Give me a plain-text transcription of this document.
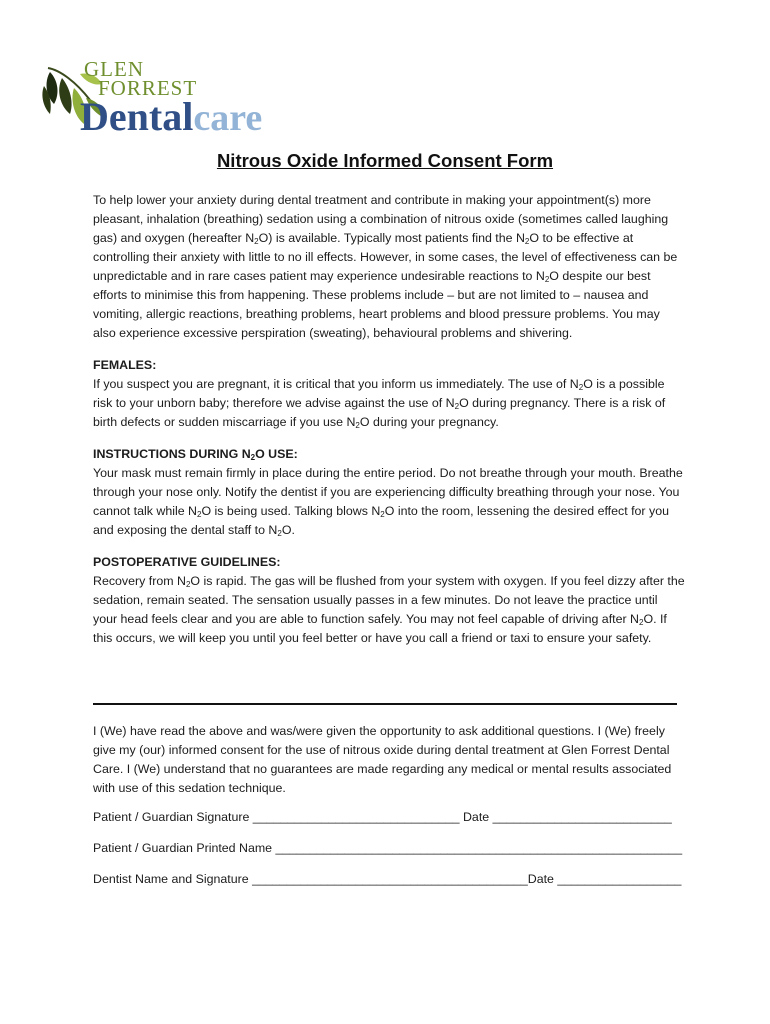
GLEN
FORREST
Dentalcare
Nitrous Oxide Informed Consent Form

To help lower your anxiety during dental treatment and contribute in making your appointment(s) more pleasant, inhalation (breathing) sedation using a combination of nitrous oxide (sometimes called laughing gas) and oxygen (hereafter $N_2O$) is available. Typically most patients find the $N_2O$ to be effective at controlling their anxiety with little to no ill effects. However, in some cases, the level of effectiveness can be unpredictable and in rare cases patient may experience undesirable reactions to $N_2O$ despite our best efforts to minimise this from happening. These problems include – but are not limited to – nausea and vomiting, allergic reactions, breathing problems, heart problems and blood pressure problems. You may also experience excessive perspiration (sweating), behavioural problems and shivering.

FEMALES:
If you suspect you are pregnant, it is critical that you inform us immediately. The use of $N_2O$ is a possible risk to your unborn baby; therefore we advise against the use of $N_2O$ during pregnancy. There is a risk of birth defects or sudden miscarriage if you use $N_2O$ during your pregnancy.

INSTRUCTIONS DURING $N_2O$ USE:
Your mask must remain firmly in place during the entire period. Do not breathe through your mouth. Breathe through your nose only. Notify the dentist if you are experiencing difficulty breathing through your nose. You cannot talk while $N_2O$ is being used. Talking blows $N_2O$ into the room, lessening the desired effect for you and exposing the dental staff to $N_2O$.

POSTOPERATIVE GUIDELINES:
Recovery from $N_2O$ is rapid. The gas will be flushed from your system with oxygen. If you feel dizzy after the sedation, remain seated. The sensation usually passes in a few minutes. Do not leave the practice until your head feels clear and you are able to function safely. You may not feel capable of driving after $N_2O$. If this occurs, we will keep you until you feel better or have you call a friend or taxi to ensure your safety.

I (We) have read the above and was/were given the opportunity to ask additional questions. I (We) freely give my (our) informed consent for the use of nitrous oxide during dental treatment at Glen Forrest Dental Care. I (We) understand that no guarantees are made regarding any medical or mental results associated with use of this sedation technique.
Patient / Guardian Signature ______________________________ Date __________________________
Patient / Guardian Printed Name ___________________________________________________________
Dentist Name and Signature ________________________________________Date __________________
